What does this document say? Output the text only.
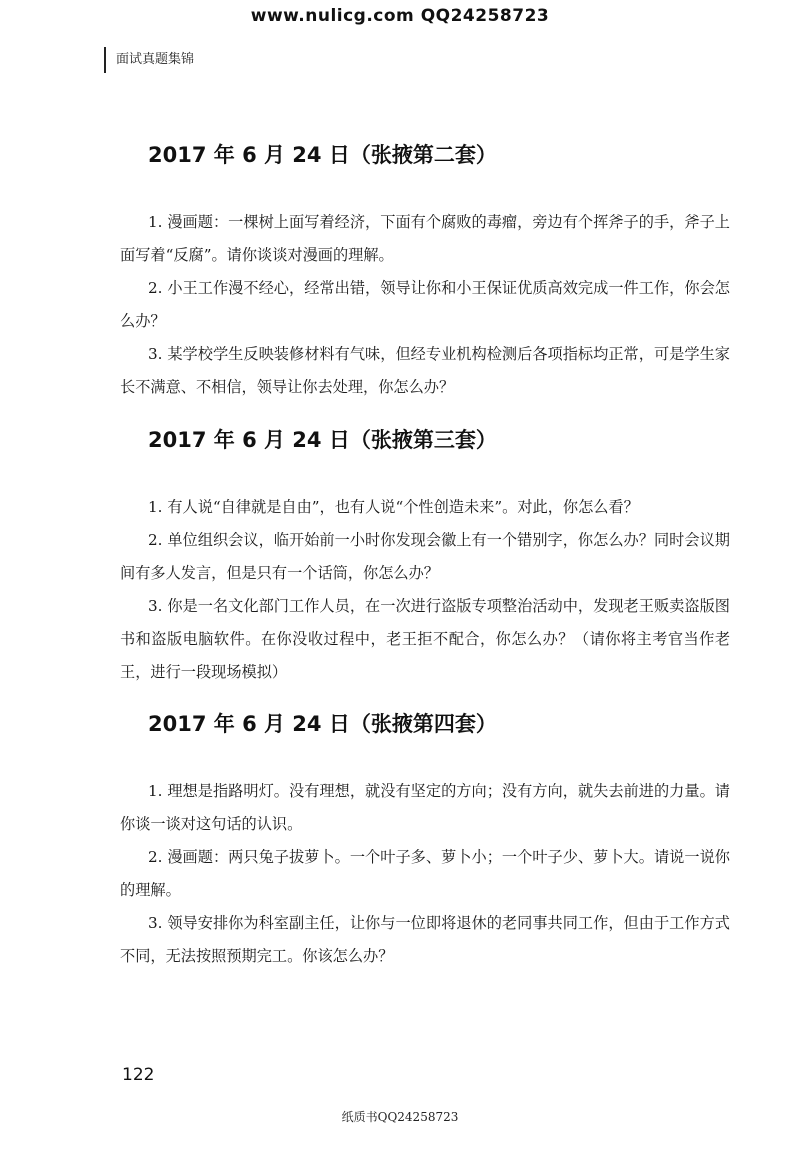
www.nulicg.com QQ24258723
面试真题集锦
2017 年 6 月 24 日（张掖第二套）

1. 漫画题：一棵树上面写着经济，下面有个腐败的毒瘤，旁边有个挥斧子的手，斧子上面写着“反腐”。请你谈谈对漫画的理解。

2. 小王工作漫不经心，经常出错，领导让你和小王保证优质高效完成一件工作，你会怎么办？

3. 某学校学生反映装修材料有气味，但经专业机构检测后各项指标均正常，可是学生家长不满意、不相信，领导让你去处理，你怎么办？

2017 年 6 月 24 日（张掖第三套）

1. 有人说“自律就是自由”，也有人说“个性创造未来”。对此，你怎么看？

2. 单位组织会议，临开始前一小时你发现会徽上有一个错别字，你怎么办？同时会议期间有多人发言，但是只有一个话筒，你怎么办？

3. 你是一名文化部门工作人员，在一次进行盗版专项整治活动中，发现老王贩卖盗版图书和盗版电脑软件。在你没收过程中，老王拒不配合，你怎么办？（请你将主考官当作老王，进行一段现场模拟）

2017 年 6 月 24 日（张掖第四套）

1. 理想是指路明灯。没有理想，就没有坚定的方向；没有方向，就失去前进的力量。请你谈一谈对这句话的认识。

2. 漫画题：两只兔子拔萝卜。一个叶子多、萝卜小；一个叶子少、萝卜大。请说一说你的理解。

3. 领导安排你为科室副主任，让你与一位即将退休的老同事共同工作，但由于工作方式不同，无法按照预期完工。你该怎么办？

122
纸质书QQ24258723
